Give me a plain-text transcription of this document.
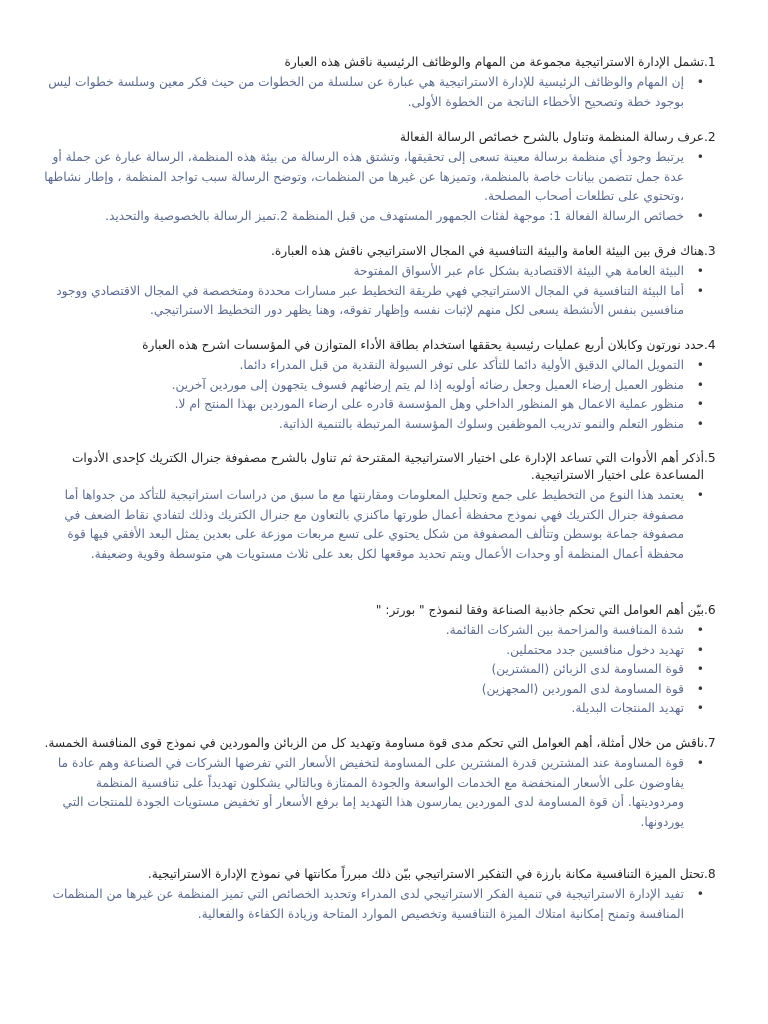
.1
تشمل الإدارة الاستراتيجية مجموعة من المهام والوظائف الرئيسية ناقش هذه العبارة
• إن المهام والوظائف الرئيسية للإدارة الاستراتيجية هي عبارة عن سلسلة من الخطوات من حيث فكر معين وسلسة خطوات ليس بوجود خطة وتصحيح الأخطاء الناتجة من الخطوة الأولى.
.2
عرف رسالة المنظمة وتناول بالشرح خصائص الرسالة الفعالة
• يرتبط وجود أي منظمة برسالة معينة تسعى إلى تحقيقها، وتشتق هذه الرسالة من بيئة هذه المنظمة، الرسالة عبارة عن جملة أو عدة جمل تتضمن بيانات خاصة بالمنظمة، وتميزها عن غيرها من المنظمات، وتوضح الرسالة سبب تواجد المنظمة ، وإطار نشاطها ،وتحتوي على تطلعات أصحاب المصلحة.
• خصائص الرسالة الفعالة 1: موجهة لفئات الجمهور المستهدف من قبل المنظمة 2.تميز الرسالة بالخصوصية والتحديد.
.3
هناك فرق بين البيئة العامة والبيئة التنافسية في المجال الاستراتيجي ناقش هذه العبارة.
• البيئة العامة هي البيئة الاقتصادية بشكل عام عبر الأسواق المفتوحة
• أما البيئة التنافسية في المجال الاستراتيجي فهي طريقة التخطيط عبر مسارات محددة ومتخصصة في المجال الاقتصادي ووجود منافسين بنفس الأنشطة يسعى لكل منهم لإثبات نفسه وإظهار تفوقه، وهنا يظهر دور التخطيط الاستراتيجي.
.4
حدد نورتون وكابلان أربع عمليات رئيسية يحققها استخدام بطاقة الأداء المتوازن في المؤسسات اشرح هذه العبارة
• التمويل المالي الدقيق الأولية دائما للتأكد على توفر السيولة النقدية من قبل المدراء دائما.
• منظور العميل إرضاء العميل وجعل رضائه أولويه إذا لم يتم إرضائهم فسوف يتجهون إلى موردين آخرين.
• منظور عملية الاعمال هو المنظور الداخلي وهل المؤسسة قادره على ارضاء الموردين بهذا المنتج ام لا.
• منظور التعلم والنمو تدريب الموظفين وسلوك المؤسسة المرتبطة بالتنمية الذاتية.
.5
أذكر أهم الأدوات التي تساعد الإدارة على اختيار الاستراتيجية المقترحة ثم تناول بالشرح مصفوفة جنرال الكتريك كإحدى الأدوات المساعدة على اختيار الاستراتيجية.
• يعتمد هذا النوع من التخطيط على جمع وتحليل المعلومات ومقارنتها مع ما سبق من دراسات استراتيجية للتأكد من جدواها أما مصفوفة جنرال الكتريك فهي نموذج محفظة أعمال طورتها ماكنزي بالتعاون مع جنرال الكتريك وذلك لتفادي نقاط الضعف في مصفوفة جماعة بوسطن وتتألف المصفوفة من شكل يحتوي على تسع مربعات موزعة على بعدين يمثل البعد الأفقي فيها قوة محفظة أعمال المنظمة أو وحدات الأعمال ويتم تحديد موقعها لكل بعد على ثلاث مستويات هي متوسطة وقوية وضعيفة.
.6
بيّن أهم العوامل التي تحكم جاذبية الصناعة وفقا لنموذج " بورتر: "
• شدة المنافسة والمزاحمة بين الشركات القائمة.
• تهديد دخول منافسين جدد محتملين.
• قوة المساومة لدى الزبائن (المشترين)
• قوة المساومة لدى الموردين (المجهزين)
• تهديد المنتجات البديلة.
.7
ناقش من خلال أمثلة، أهم العوامل التي تحكم مدى قوة مساومة وتهديد كل من الزبائن والموردين في نموذج قوى المنافسة الخمسة.
• قوة المساومة عند المشترين قدرة المشترين على المساومة لتخفيض الأسعار التي تفرضها الشركات في الصناعة وهم عادة ما يفاوضون على الأسعار المنخفضة مع الخدمات الواسعة والجودة الممتازة وبالتالي يشكلون تهديداً على تنافسية المنظمة ومردوديتها. أن قوة المساومة لدى الموردين يمارسون هذا التهديد إما برفع الأسعار أو تخفيض مستويات الجودة للمنتجات التي يوردونها.
.8
تحتل الميزة التنافسية مكانة بارزة في التفكير الاستراتيجي بيّن ذلك مبرراً مكانتها في نموذج الإدارة الاستراتيجية.
• تفيد الإدارة الاستراتيجية في تنمية الفكر الاستراتيجي لدى المدراء وتحديد الخصائص التي تميز المنظمة عن غيرها من المنظمات المنافسة وتمنح إمكانية امتلاك الميزة التنافسية وتخصيص الموارد المتاحة وزيادة الكفاءة والفعالية.
